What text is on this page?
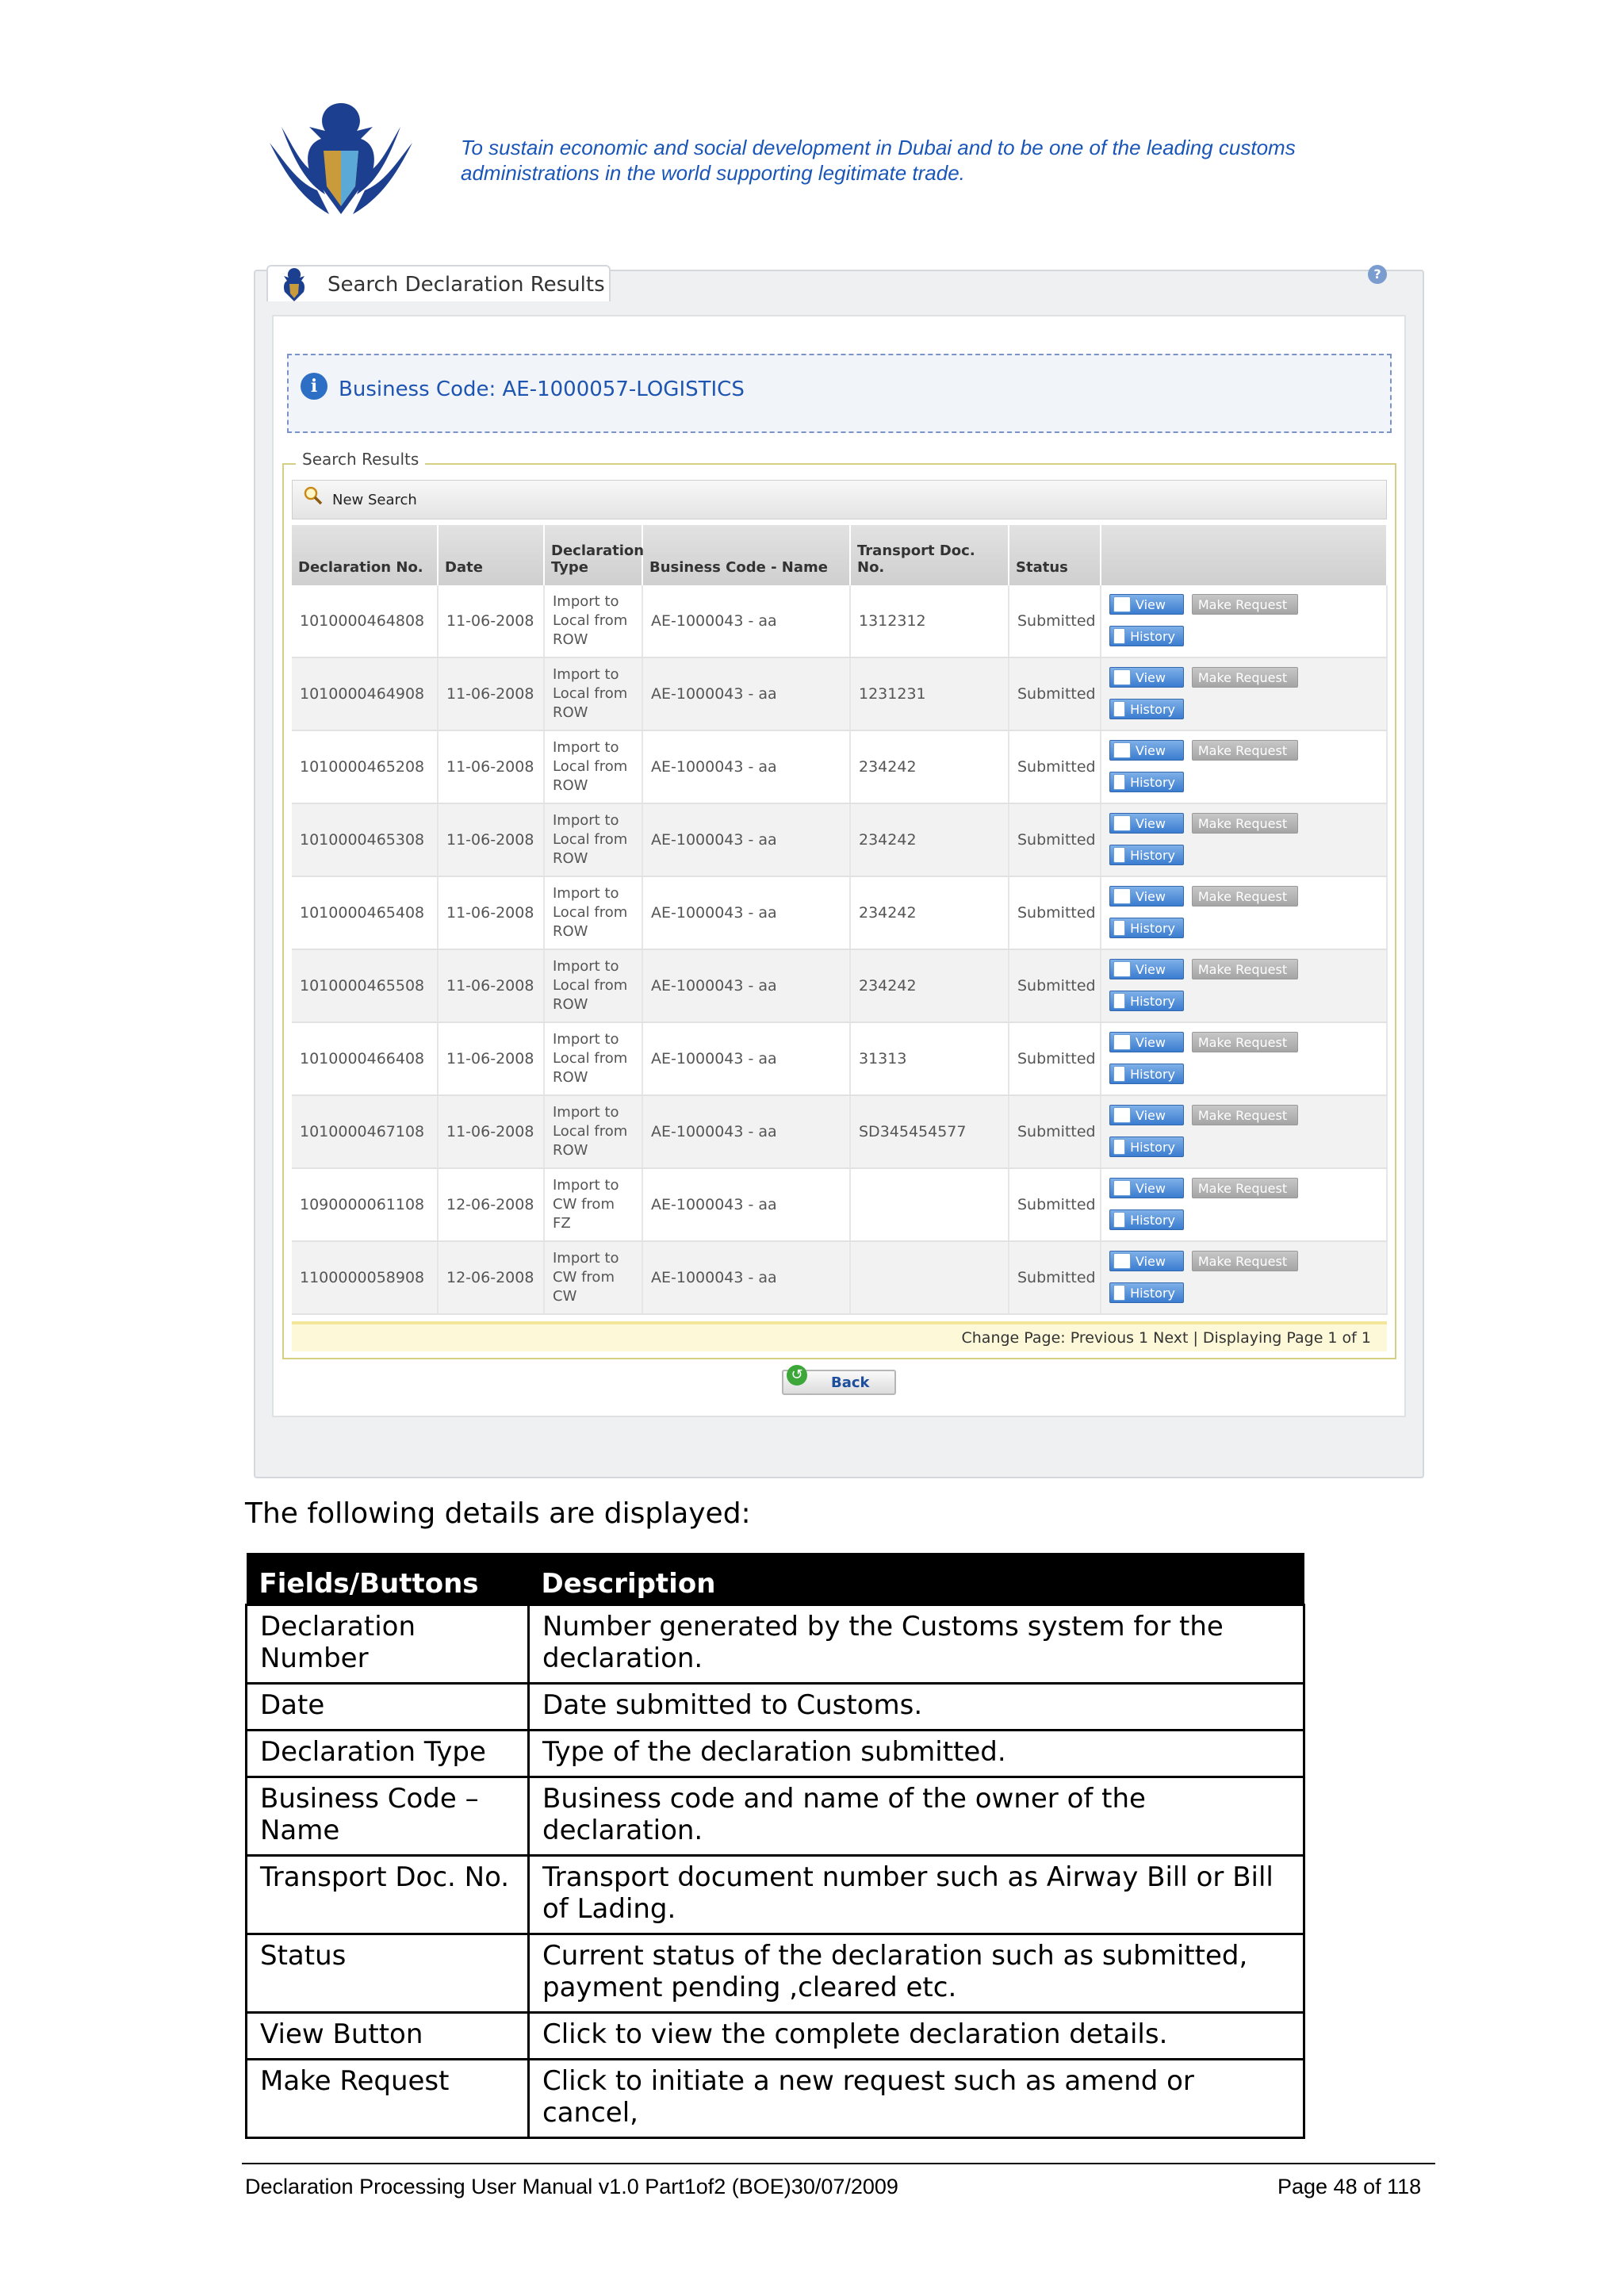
To sustain economic and social development in Dubai and to be one of the leading customs
administrations in the world supporting legitimate trade.
Search Declaration Results	?
i	Business Code: AE-1000057-LOGISTICS
Search Results
New Search
Declaration No.	Date	Declaration Type	Business Code - Name	Transport Doc. No.	Status	
1010000464808	11-06-2008	Import to Local from ROW	AE-1000043 - aa	1312312	Submitted	View Make Request
History

1010000464908	11-06-2008	Import to Local from ROW	AE-1000043 - aa	1231231	Submitted	View Make Request
History

1010000465208	11-06-2008	Import to Local from ROW	AE-1000043 - aa	234242	Submitted	View Make Request
History

1010000465308	11-06-2008	Import to Local from ROW	AE-1000043 - aa	234242	Submitted	View Make Request
History

1010000465408	11-06-2008	Import to Local from ROW	AE-1000043 - aa	234242	Submitted	View Make Request
History

1010000465508	11-06-2008	Import to Local from ROW	AE-1000043 - aa	234242	Submitted	View Make Request
History

1010000466408	11-06-2008	Import to Local from ROW	AE-1000043 - aa	31313	Submitted	View Make Request
History

1010000467108	11-06-2008	Import to Local from ROW	AE-1000043 - aa	SD345454577	Submitted	View Make Request
History

1090000061108	12-06-2008	Import to CW from FZ	AE-1000043 - aa		Submitted	View Make Request
History

1100000058908	12-06-2008	Import to CW from CW	AE-1000043 - aa		Submitted	View Make Request
History
Change Page: Previous 1 Next | Displaying Page 1 of 1
↺	Back
The following details are displayed:
Fields/Buttons	Description
Declaration Number	Number generated by the Customs system for the declaration.
Date	Date submitted to Customs.
Declaration Type	Type of the declaration submitted.
Business Code – Name	Business code and name of the owner of the declaration.
Transport Doc. No.	Transport document number such as Airway Bill or Bill of Lading.
Status	Current status of the declaration such as submitted, payment pending ,cleared etc.
View Button	Click to view the complete declaration details.
Make Request	Click to initiate a new request such as amend or cancel,
Declaration Processing User Manual v1.0 Part1of2 (BOE)30/07/2009	Page 48 of 118
